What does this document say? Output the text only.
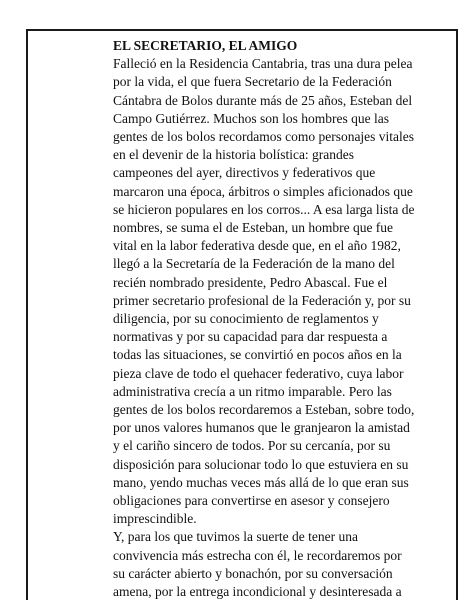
EL SECRETARIO, EL AMIGO

Falleció en la Residencia Cantabria, tras una dura pelea
por la vida, el que fuera Secretario de la Federación
Cántabra de Bolos durante más de 25 años, Esteban del
Campo Gutiérrez. Muchos son los hombres que las
gentes de los bolos recordamos como personajes vitales
en el devenir de la historia bolística: grandes
campeones del ayer, directivos y federativos que
marcaron una época, árbitros o simples aficionados que
se hicieron populares en los corros... A esa larga lista de
nombres, se suma el de Esteban, un hombre que fue
vital en la labor federativa desde que, en el año 1982,
llegó a la Secretaría de la Federación de la mano del
recién nombrado presidente, Pedro Abascal. Fue el
primer secretario profesional de la Federación y, por su
diligencia, por su conocimiento de reglamentos y
normativas y por su capacidad para dar respuesta a
todas las situaciones, se convirtió en pocos años en la
pieza clave de todo el quehacer federativo, cuya labor
administrativa crecía a un ritmo imparable. Pero las
gentes de los bolos recordaremos a Esteban, sobre todo,
por unos valores humanos que le granjearon la amistad
y el cariño sincero de todos. Por su cercanía, por su
disposición para solucionar todo lo que estuviera en su
mano, yendo muchas veces más allá de lo que eran sus
obligaciones para convertirse en asesor y consejero
imprescindible.

Y, para los que tuvimos la suerte de tener una
convivencia más estrecha con él, le recordaremos por
su carácter abierto y bonachón, por su conversación
amena, por la entrega incondicional y desinteresada a
